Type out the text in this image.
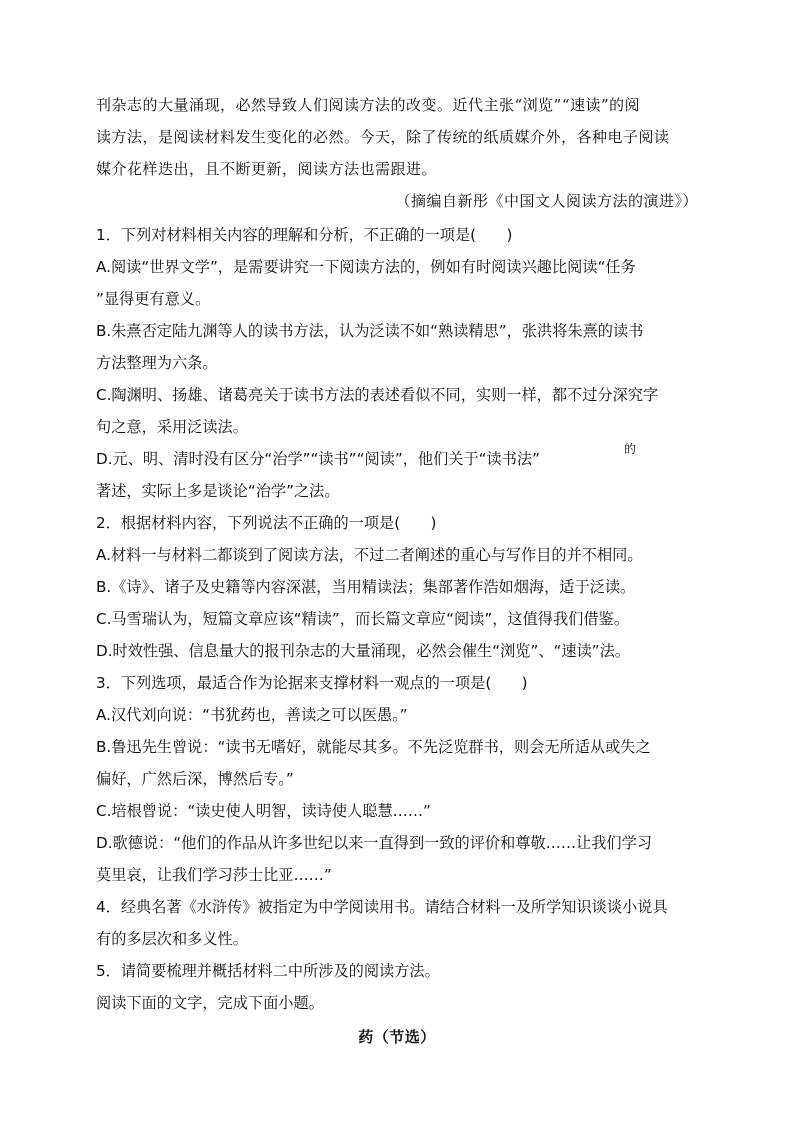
刊杂志的大量涌现，必然导致人们阅读方法的改变。近代主张“浏览”“速读”的阅
读方法，是阅读材料发生变化的必然。今天，除了传统的纸质媒介外，各种电子阅读
媒介花样迭出，且不断更新，阅读方法也需跟进。
（摘编自新彤《中国文人阅读方法的演进》）
1．下列对材料相关内容的理解和分析，不正确的一项是(　　)
A.阅读“世界文学”，是需要讲究一下阅读方法的，例如有时阅读兴趣比阅读“任务
”显得更有意义。
B.朱熹否定陆九渊等人的读书方法，认为泛读不如“熟读精思”，张洪将朱熹的读书
方法整理为六条。
C.陶渊明、扬雄、诸葛亮关于读书方法的表述看似不同，实则一样，都不过分深究字
句之意，采用泛读法。
D.元、明、清时没有区分“治学”“读书”“阅读”，他们关于“读书法”
的
著述，实际上多是谈论“治学”之法。
2．根据材料内容，下列说法不正确的一项是(　　)
A.材料一与材料二都谈到了阅读方法，不过二者阐述的重心与写作目的并不相同。
B.《诗》、诸子及史籍等内容深湛，当用精读法；集部著作浩如烟海，适于泛读。
C.马雪瑞认为，短篇文章应该“精读”，而长篇文章应“阅读”，这值得我们借鉴。
D.时效性强、信息量大的报刊杂志的大量涌现，必然会催生“浏览”、“速读”法。
3．下列选项，最适合作为论据来支撑材料一观点的一项是(　　)
A.汉代刘向说：“书犹药也，善读之可以医愚。”
B.鲁迅先生曾说：“读书无嗜好，就能尽其多。不先泛览群书，则会无所适从或失之
偏好，广然后深，博然后专。”
C.培根曾说：“读史使人明智，读诗使人聪慧……”
D.歌德说：“他们的作品从许多世纪以来一直得到一致的评价和尊敬……让我们学习
莫里哀，让我们学习莎士比亚……”
4．经典名著《水浒传》被指定为中学阅读用书。请结合材料一及所学知识谈谈小说具
有的多层次和多义性。
5．请简要梳理并概括材料二中所涉及的阅读方法。
阅读下面的文字，完成下面小题。
药（节选）
